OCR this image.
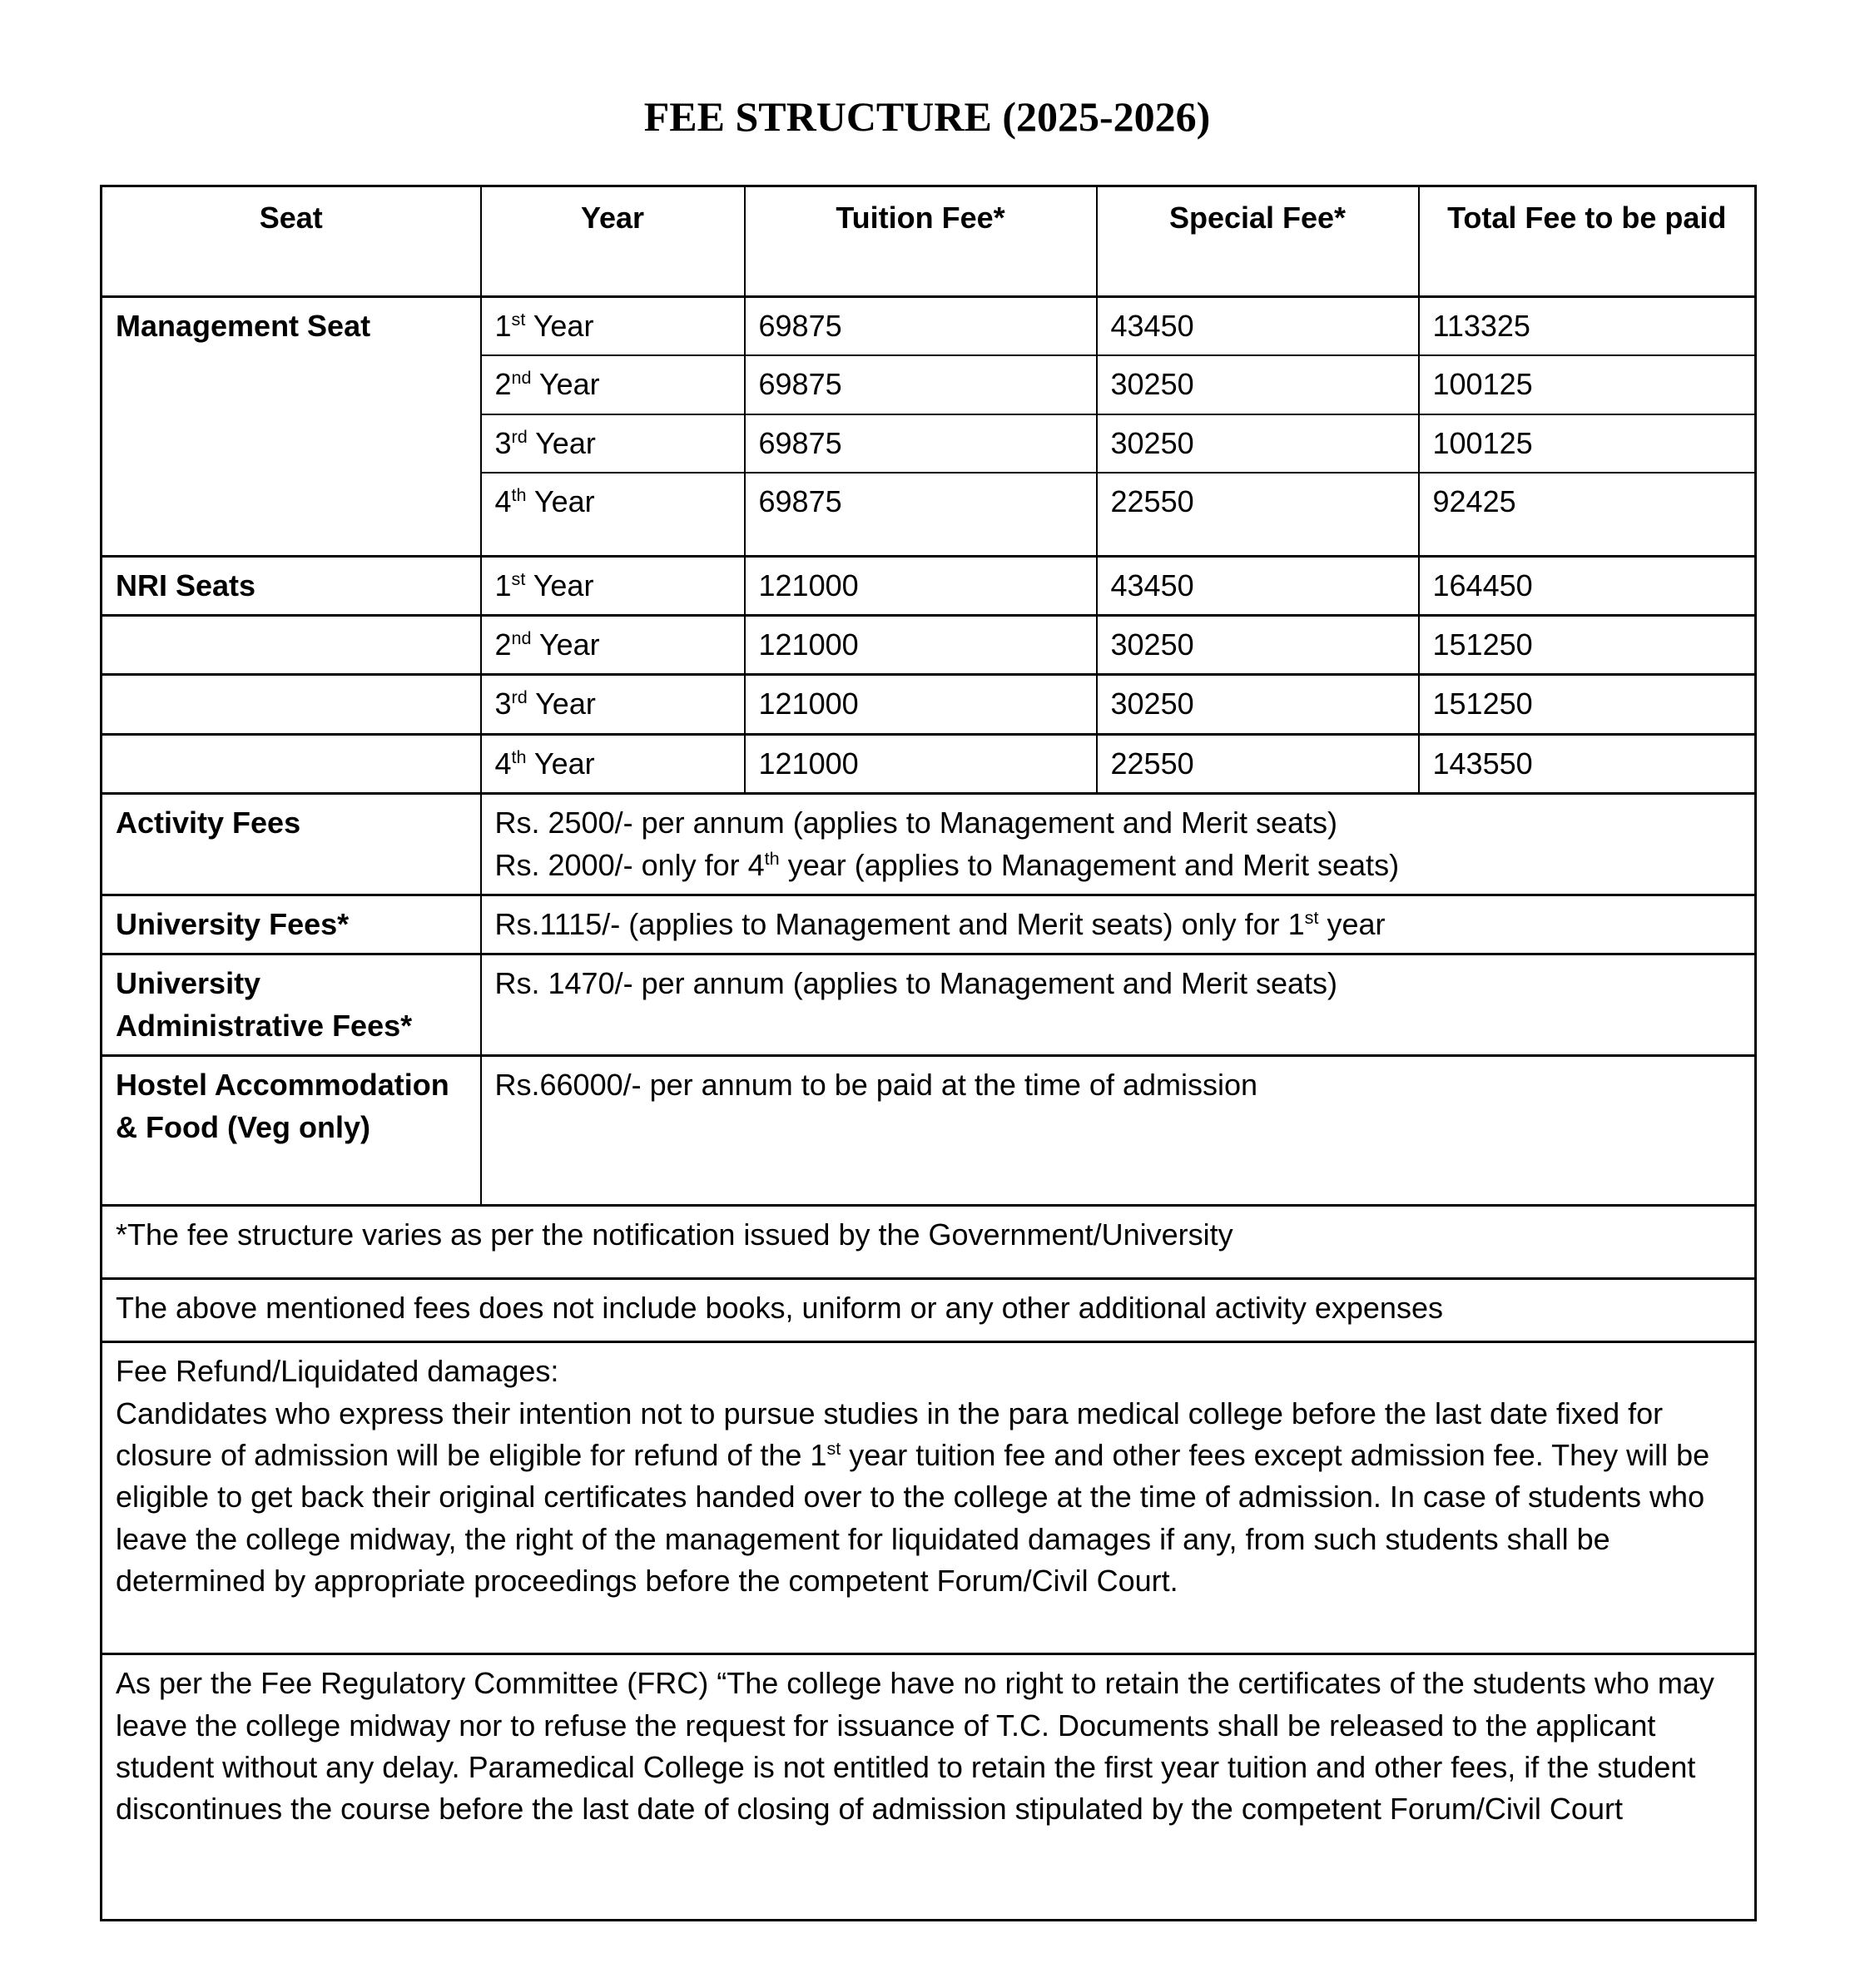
FEE STRUCTURE (2025-2026)
Seat	Year	Tuition Fee*	Special Fee*	Total Fee to be paid
Management Seat	1st Year	69875	43450	113325
	2nd Year	69875	30250	100125
	3rd Year	69875	30250	100125
	4th Year	69875	22550	92425
NRI Seats	1st Year	121000	43450	164450
	2nd Year	121000	30250	151250
	3rd Year	121000	30250	151250
	4th Year	121000	22550	143550
Activity Fees	Rs. 2500/- per annum (applies to Management and Merit seats)
Rs. 2000/- only for 4th year (applies to Management and Merit seats)			

University Fees*	Rs.1115/- (applies to Management and Merit seats) only for 1st year			
University Administrative Fees*	Rs. 1470/- per annum (applies to Management and Merit seats)			
Hostel Accommodation & Food (Veg only)	Rs.66000/- per annum to be paid at the time of admission			
*The fee structure varies as per the notification issued by the Government/University				
The above mentioned fees does not include books, uniform or any other additional activity expenses				

Fee Refund/Liquidated damages:
Candidates who express their intention not to pursue studies in the para medical college before the last date fixed for closure of admission will be eligible for refund of the 1st year tuition fee and other fees except admission fee. They will be eligible to get back their original certificates handed over to the college at the time of admission. In case of students who leave the college midway, the right of the management for liquidated damages if any, from such students shall be determined by appropriate proceedings before the competent Forum/Civil Court.				

As per the Fee Regulatory Committee (FRC) “The college have no right to retain the certificates of the students who may leave the college midway nor to refuse the request for issuance of T.C. Documents shall be released to the applicant student without any delay. Paramedical College is not entitled to retain the first year tuition and other fees, if the student discontinues the course before the last date of closing of admission stipulated by the competent Forum/Civil Court				
